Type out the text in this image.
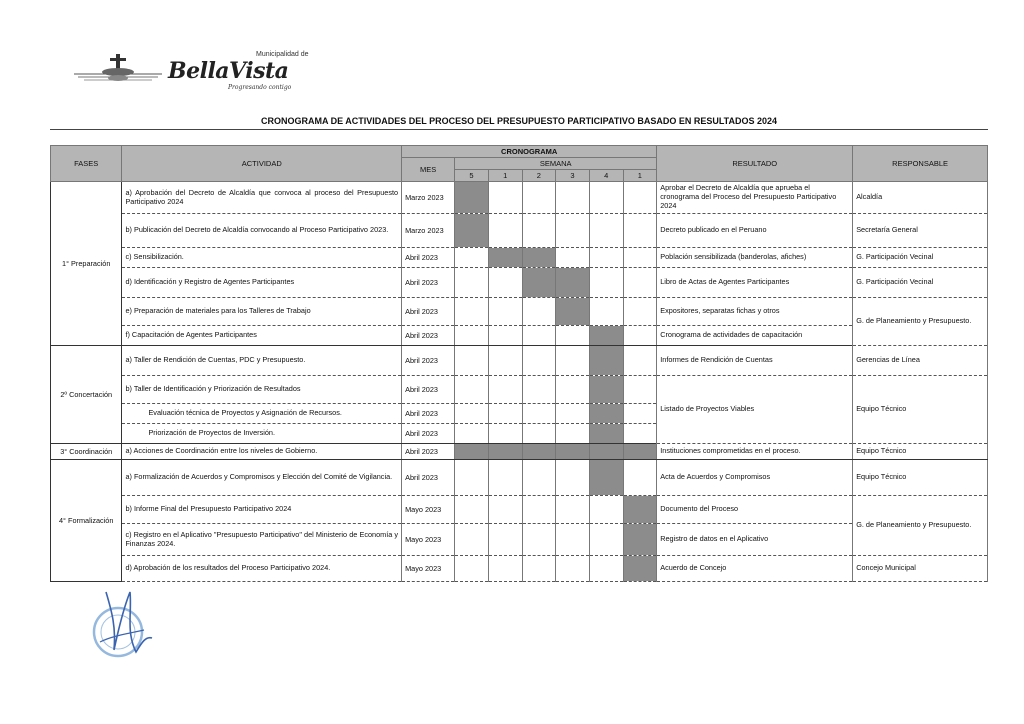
Municipalidad de
BellaVista
Progresando contigo
CRONOGRAMA DE ACTIVIDADES DEL PROCESO DEL PRESUPUESTO PARTICIPATIVO BASADO EN RESULTADOS 2024
FASES	ACTIVIDAD	CRONOGRAMA							RESULTADO	RESPONSABLE
		MES	SEMANA							
			5	1	2	3	4	1		
1° Preparación	a) Aprobación del Decreto de Alcaldía que convoca al proceso del Presupuesto Participativo 2024	Marzo 2023							Aprobar el Decreto de Alcaldía que aprueba el cronograma del Proceso del Presupuesto Participativo 2024	Alcaldía
	b) Publicación del Decreto de Alcaldía convocando al Proceso Participativo 2023.	Marzo 2023							Decreto publicado en el Peruano	Secretaría General
	c) Sensibilización.	Abril 2023							Población sensibilizada (banderolas, afiches)	G. Participación Vecinal
	d) Identificación y Registro de Agentes Participantes	Abril 2023							Libro de Actas de Agentes Participantes	G. Participación Vecinal
	e) Preparación de materiales para los Talleres de Trabajo	Abril 2023							Expositores, separatas fichas y otros	G. de Planeamiento y Presupuesto.
	f) Capacitación de Agentes Participantes	Abril 2023							Cronograma de actividades de capacitación	
2º Concertación	a) Taller de Rendición de Cuentas, PDC y Presupuesto.	Abril 2023							Informes de Rendición de Cuentas	Gerencias de Línea
	b) Taller de Identificación y Priorización de Resultados	Abril 2023							Listado de Proyectos Viables	Equipo Técnico
	Evaluación técnica de Proyectos y Asignación de Recursos.	Abril 2023								
	Priorización de Proyectos de Inversión.	Abril 2023								
3° Coordinación	a) Acciones de Coordinación entre los niveles de Gobierno.	Abril 2023							Instituciones comprometidas en el proceso.	Equipo Técnico
4° Formalización	a) Formalización de Acuerdos y Compromisos y Elección del Comité de Vigilancia.	Abril 2023							Acta de Acuerdos y Compromisos	Equipo Técnico
	b) Informe Final del Presupuesto Participativo 2024	Mayo 2023							Documento del Proceso	G. de Planeamiento y Presupuesto.
	c) Registro en el Aplicativo "Presupuesto Participativo" del Ministerio de Economía y Finanzas 2024.	Mayo 2023							Registro de datos en el Aplicativo	
	d) Aprobación de los resultados del Proceso Participativo 2024.	Mayo 2023							Acuerdo de Concejo	Concejo Municipal
